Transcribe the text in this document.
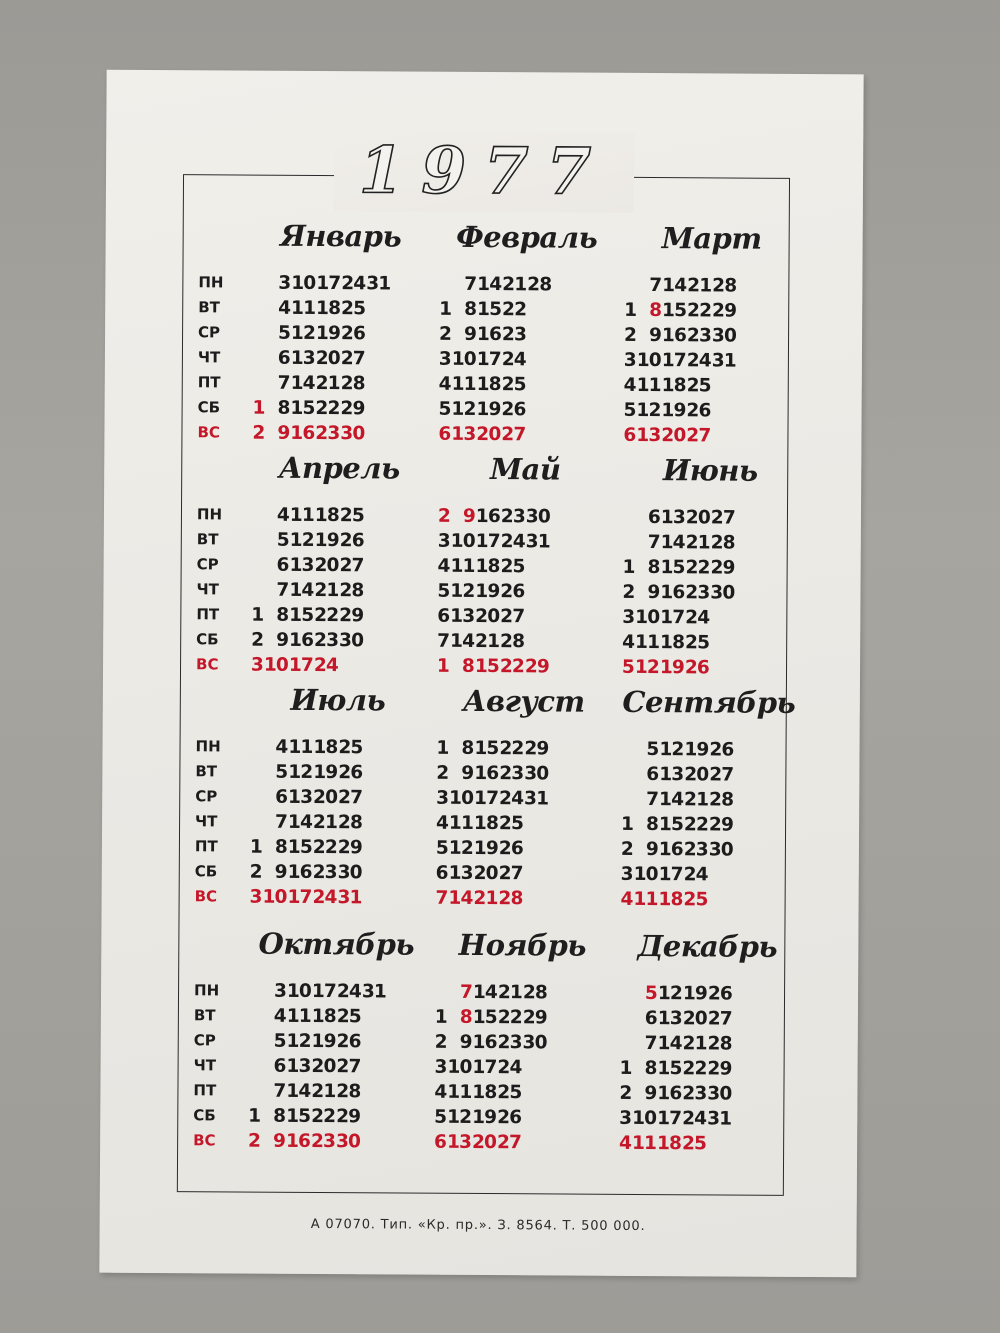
1977
Январь
3 10 17 24 31
4 11 18 25
5 12 19 26
6 13 20 27
7 14 21 28
1 8 15 22 29
2 9 16 23 30
Февраль
7 14 21 28
1 8 15 22
2 9 16 23
3 10 17 24
4 11 18 25
5 12 19 26
6 13 20 27
Март
7 14 21 28
1 8 15 22 29
2 9 16 23 30
3 10 17 24 31
4 11 18 25
5 12 19 26
6 13 20 27
Апрель
4 11 18 25
5 12 19 26
6 13 20 27
7 14 21 28
1 8 15 22 29
2 9 16 23 30
3 10 17 24
Май
2 9 16 23 30
3 10 17 24 31
4 11 18 25
5 12 19 26
6 13 20 27
7 14 21 28
1 8 15 22 29
Июнь
6 13 20 27
7 14 21 28
1 8 15 22 29
2 9 16 23 30
3 10 17 24
4 11 18 25
5 12 19 26
Июль
4 11 18 25
5 12 19 26
6 13 20 27
7 14 21 28
1 8 15 22 29
2 9 16 23 30
3 10 17 24 31
Август
1 8 15 22 29
2 9 16 23 30
3 10 17 24 31
4 11 18 25
5 12 19 26
6 13 20 27
7 14 21 28
Сентябрь
5 12 19 26
6 13 20 27
7 14 21 28
1 8 15 22 29
2 9 16 23 30
3 10 17 24
4 11 18 25
Октябрь
3 10 17 24 31
4 11 18 25
5 12 19 26
6 13 20 27
7 14 21 28
1 8 15 22 29
2 9 16 23 30
Ноябрь
7 14 21 28
1 8 15 22 29
2 9 16 23 30
3 10 17 24
4 11 18 25
5 12 19 26
6 13 20 27
Декабрь
5 12 19 26
6 13 20 27
7 14 21 28
1 8 15 22 29
2 9 16 23 30
3 10 17 24 31
4 11 18 25
А 07070. Тип. «Кр. пр.». З. 8564. Т. 500 000.
ПН
ВТ
СР
ЧТ
ПТ
СБ
ВС
ПН
ВТ
СР
ЧТ
ПТ
СБ
ВС
ПН
ВТ
СР
ЧТ
ПТ
СБ
ВС
ПН
ВТ
СР
ЧТ
ПТ
СБ
ВС
